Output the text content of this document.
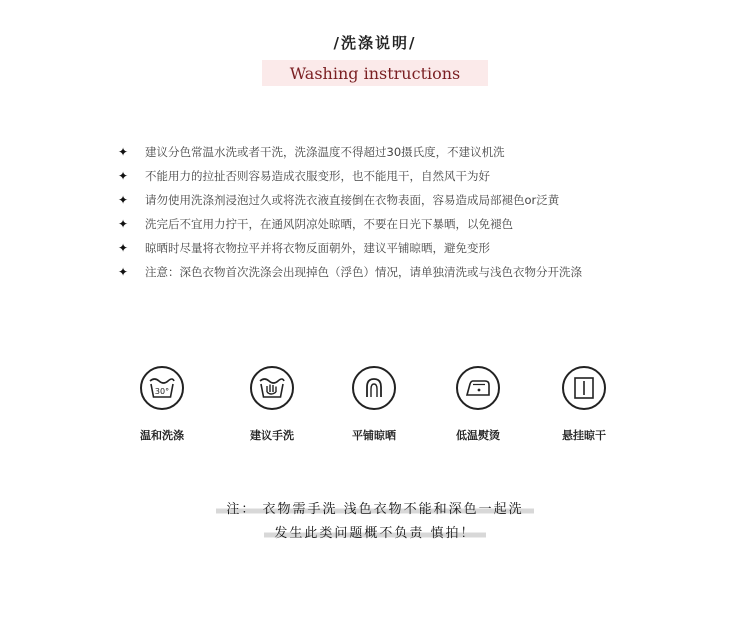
/洗涤说明/
Washing instructions
✦	建议分色常温水洗或者干洗，洗涤温度不得超过30摄氏度，不建议机洗
✦	不能用力的拉扯否则容易造成衣服变形，也不能甩干，自然风干为好
✦	请勿使用洗涤剂浸泡过久或将洗衣液直接倒在衣物表面，容易造成局部褪色or泛黄
✦	洗完后不宜用力拧干，在通风阴凉处晾晒，不要在日光下暴晒，以免褪色
✦	晾晒时尽量将衣物拉平并将衣物反面朝外，建议平铺晾晒，避免变形
✦	注意：深色衣物首次洗涤会出现掉色（浮色）情况，请单独清洗或与浅色衣物分开洗涤
30°
温和洗涤	建议手洗	平铺晾晒	低温熨烫	悬挂晾干
注： 衣物需手洗 浅色衣物不能和深色一起洗
发生此类问题概不负责 慎拍！
